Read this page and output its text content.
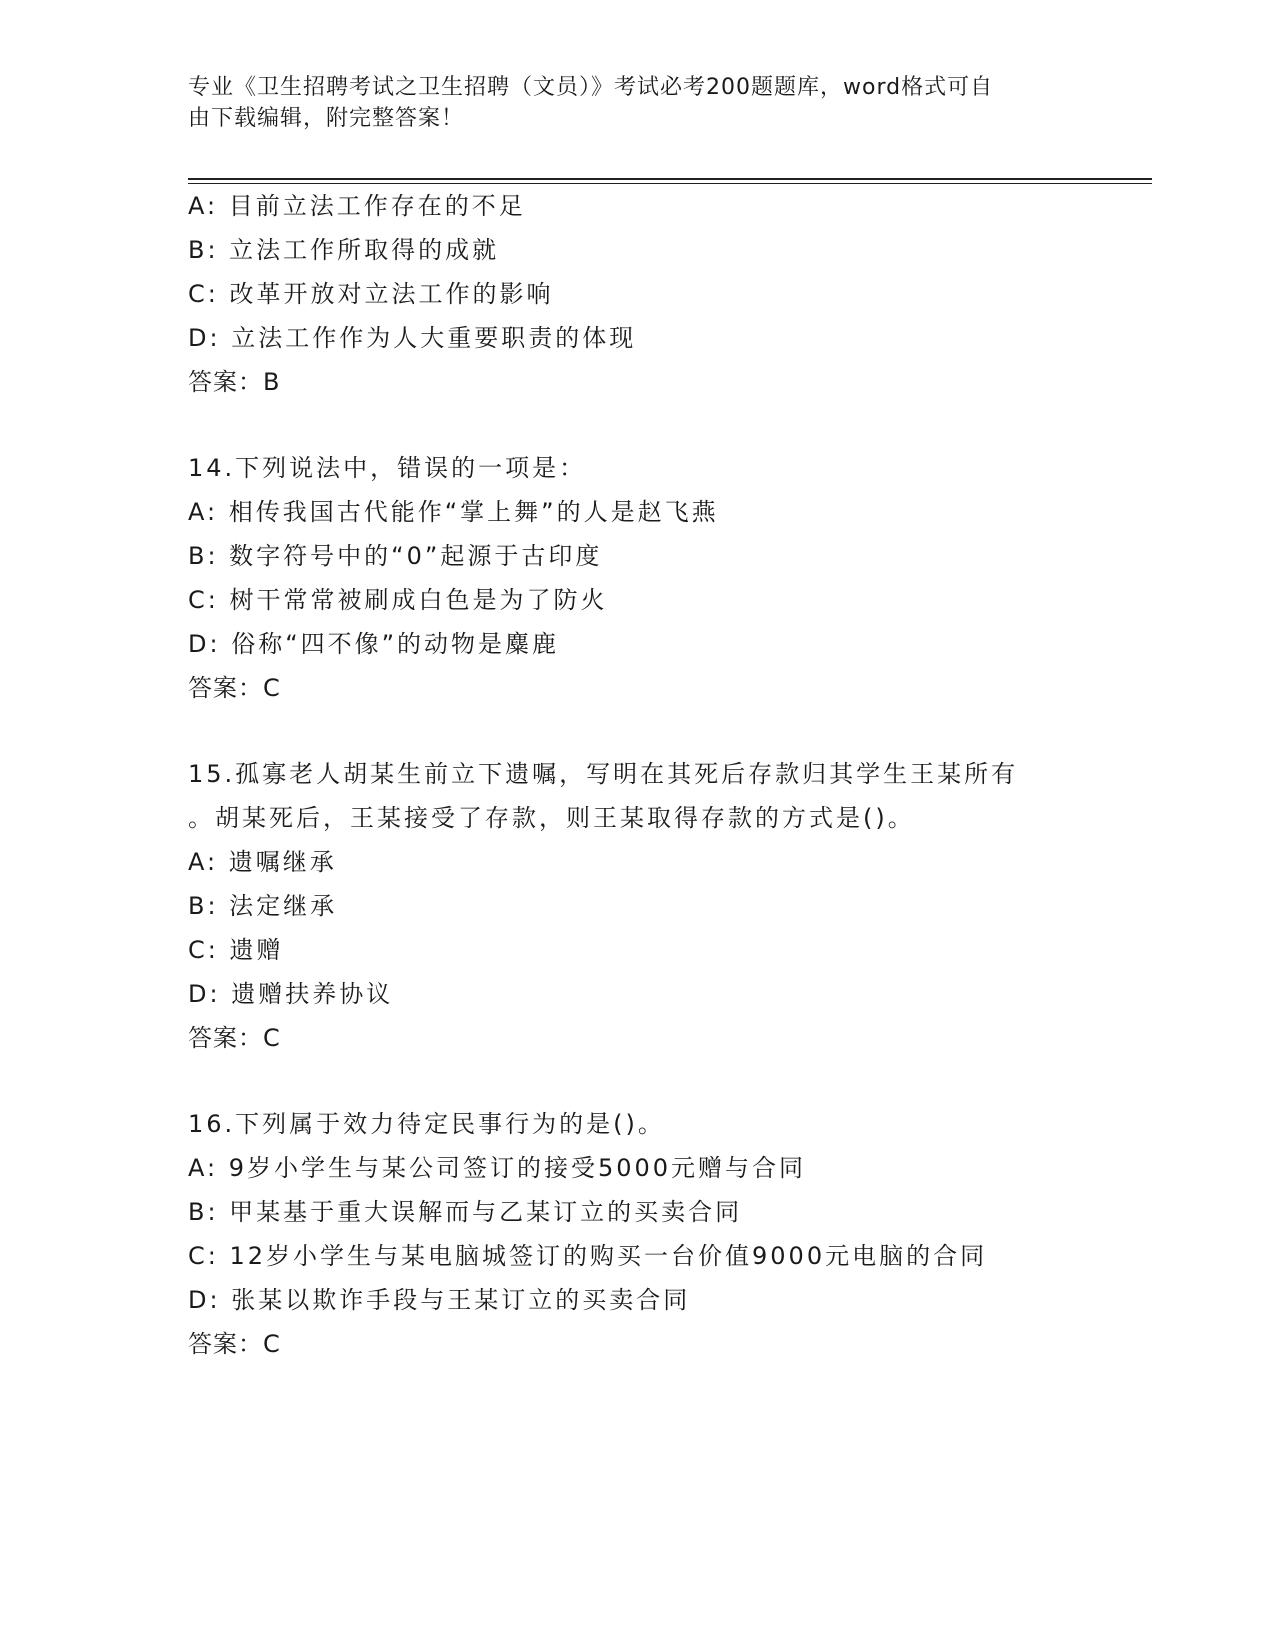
专业《卫生招聘考试之卫生招聘（文员）》考试必考200题题库，word格式可自
由下载编辑，附完整答案！
A: 目前立法工作存在的不足
B: 立法工作所取得的成就
C: 改革开放对立法工作的影响
D: 立法工作作为人大重要职责的体现
答案：B
14.下列说法中，错误的一项是：
A: 相传我国古代能作“掌上舞”的人是赵飞燕
B: 数字符号中的“0”起源于古印度
C: 树干常常被刷成白色是为了防火
D: 俗称“四不像”的动物是麋鹿
答案：C
15.孤寡老人胡某生前立下遗嘱，写明在其死后存款归其学生王某所有
。胡某死后，王某接受了存款，则王某取得存款的方式是()。
A: 遗嘱继承
B: 法定继承
C: 遗赠
D: 遗赠扶养协议
答案：C
16.下列属于效力待定民事行为的是()。
A: 9岁小学生与某公司签订的接受5000元赠与合同
B: 甲某基于重大误解而与乙某订立的买卖合同
C: 12岁小学生与某电脑城签订的购买一台价值9000元电脑的合同
D: 张某以欺诈手段与王某订立的买卖合同
答案：C
